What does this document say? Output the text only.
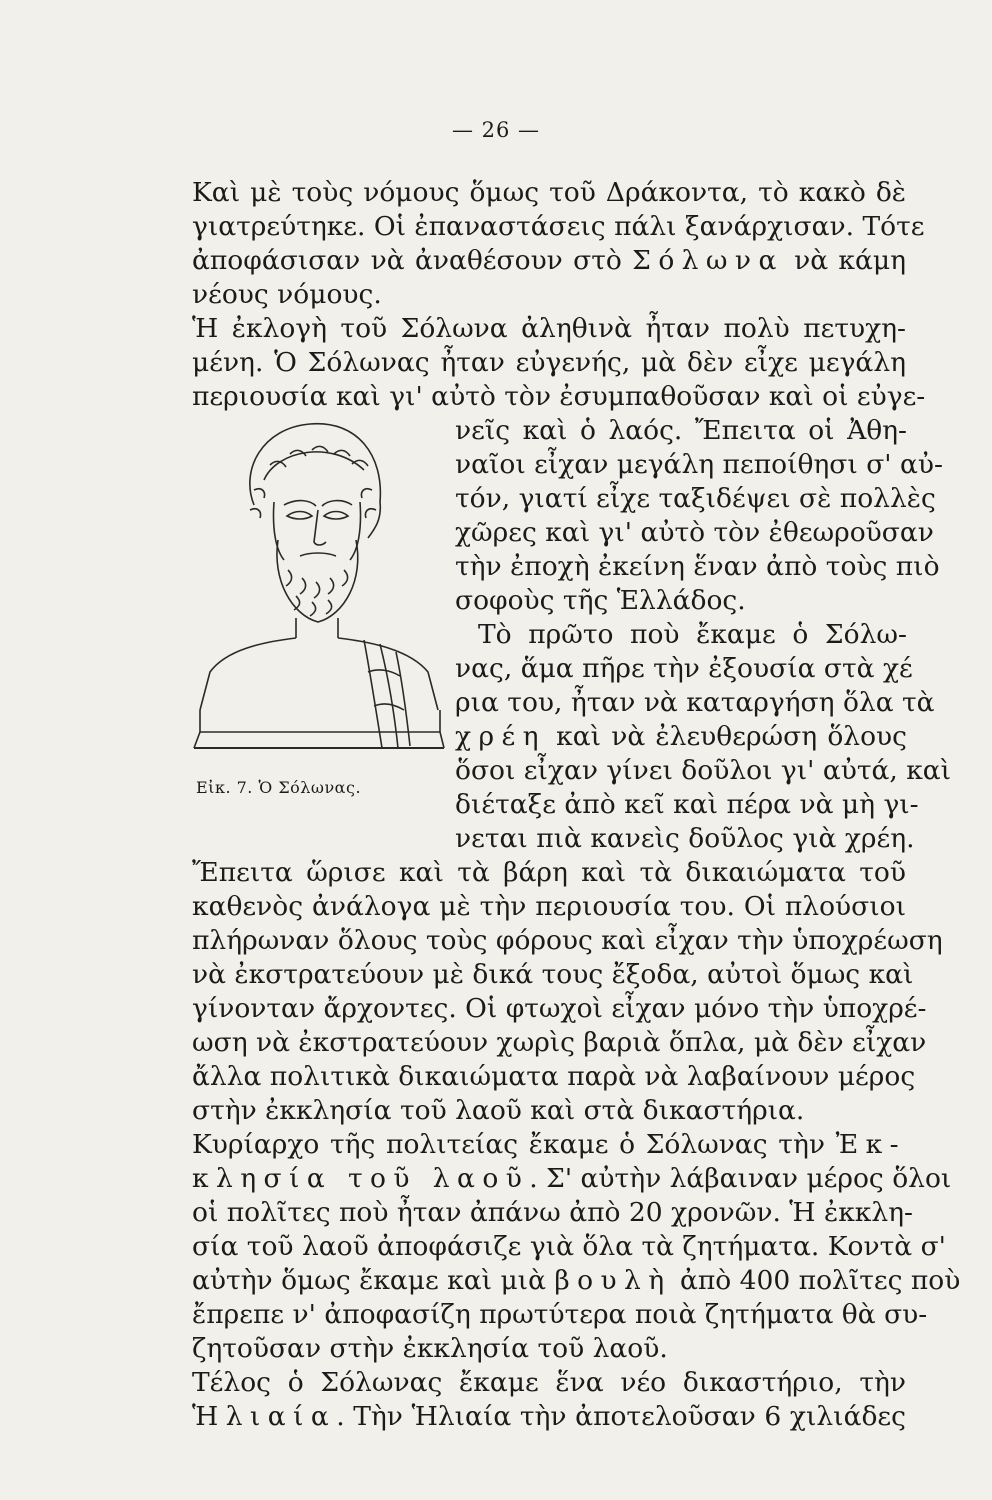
— 26 —
Καὶ μὲ τοὺς νόμους ὅμως τοῦ Δράκοντα, τὸ κακὸ δὲ
γιατρεύτηκε. Οἱ ἐπαναστάσεις πάλι ξανάρχισαν. Τότε
ἀποφάσισαν νὰ ἀναθέσουν στὸ Σόλωνα νὰ κάμη
νέους νόμους.
Ἡ ἐκλογὴ τοῦ Σόλωνα ἀληθινὰ ἦταν πολὺ πετυχη-
μένη. Ὁ Σόλωνας ἦταν εὐγενής, μὰ δὲν εἶχε μεγάλη
περιουσία καὶ γι' αὐτὸ τὸν ἐσυμπαθοῦσαν καὶ οἱ εὐγε-
νεῖς καὶ ὁ λαός. Ἔπειτα οἱ Ἀθη-
ναῖοι εἶχαν μεγάλη πεποίθησι σ' αὐ-
τόν, γιατί εἶχε ταξιδέψει σὲ πολλὲς
χῶρες καὶ γι' αὐτὸ τὸν ἐθεωροῦσαν
τὴν ἐποχὴ ἐκείνη ἕναν ἀπὸ τοὺς πιὸ
σοφοὺς τῆς Ἑλλάδος.
Τὸ πρῶτο ποὺ ἔκαμε ὁ Σόλω-
νας, ἅμα πῆρε τὴν ἐξουσία στὰ χέ
ρια του, ἦταν νὰ καταργήση ὅλα τὰ
χρέη καὶ νὰ ἐλευθερώση ὅλους
ὅσοι εἶχαν γίνει δοῦλοι γι' αὐτά, καὶ
διέταξε ἀπὸ κεῖ καὶ πέρα νὰ μὴ γι-
νεται πιὰ κανεὶς δοῦλος γιὰ χρέη.
Εἰκ. 7. Ὁ Σόλωνας.
Ἔπειτα ὥρισε καὶ τὰ βάρη καὶ τὰ δικαιώματα τοῦ
καθενὸς ἀνάλογα μὲ τὴν περιουσία του. Οἱ πλούσιοι
πλήρωναν ὅλους τοὺς φόρους καὶ εἶχαν τὴν ὑποχρέωση
νὰ ἐκστρατεύουν μὲ δικά τους ἔξοδα, αὐτοὶ ὅμως καὶ
γίνονταν ἄρχοντες. Οἱ φτωχοὶ εἶχαν μόνο τὴν ὑποχρέ-
ωση νὰ ἐκστρατεύουν χωρὶς βαριὰ ὅπλα, μὰ δὲν εἶχαν
ἄλλα πολιτικὰ δικαιώματα παρὰ νὰ λαβαίνουν μέρος
στὴν ἐκκλησία τοῦ λαοῦ καὶ στὰ δικαστήρια.
Κυρίαρχο τῆς πολιτείας ἔκαμε ὁ Σόλωνας τὴν Ἐκ-
κλησία τοῦ λαοῦ. Σ' αὐτὴν λάβαιναν μέρος ὅλοι
οἱ πολῖτες ποὺ ἦταν ἀπάνω ἀπὸ 20 χρονῶν. Ἡ ἐκκλη-
σία τοῦ λαοῦ ἀποφάσιζε γιὰ ὅλα τὰ ζητήματα. Κοντὰ σ'
αὐτὴν ὅμως ἔκαμε καὶ μιὰ βουλὴ ἀπὸ 400 πολῖτες ποὺ
ἔπρεπε ν' ἀποφασίζη πρωτύτερα ποιὰ ζητήματα θὰ συ-
ζητοῦσαν στὴν ἐκκλησία τοῦ λαοῦ.
Τέλος ὁ Σόλωνας ἔκαμε ἕνα νέο δικαστήριο, τὴν
Ἡλιαία. Τὴν Ἡλιαία τὴν ἀποτελοῦσαν 6 χιλιάδες
